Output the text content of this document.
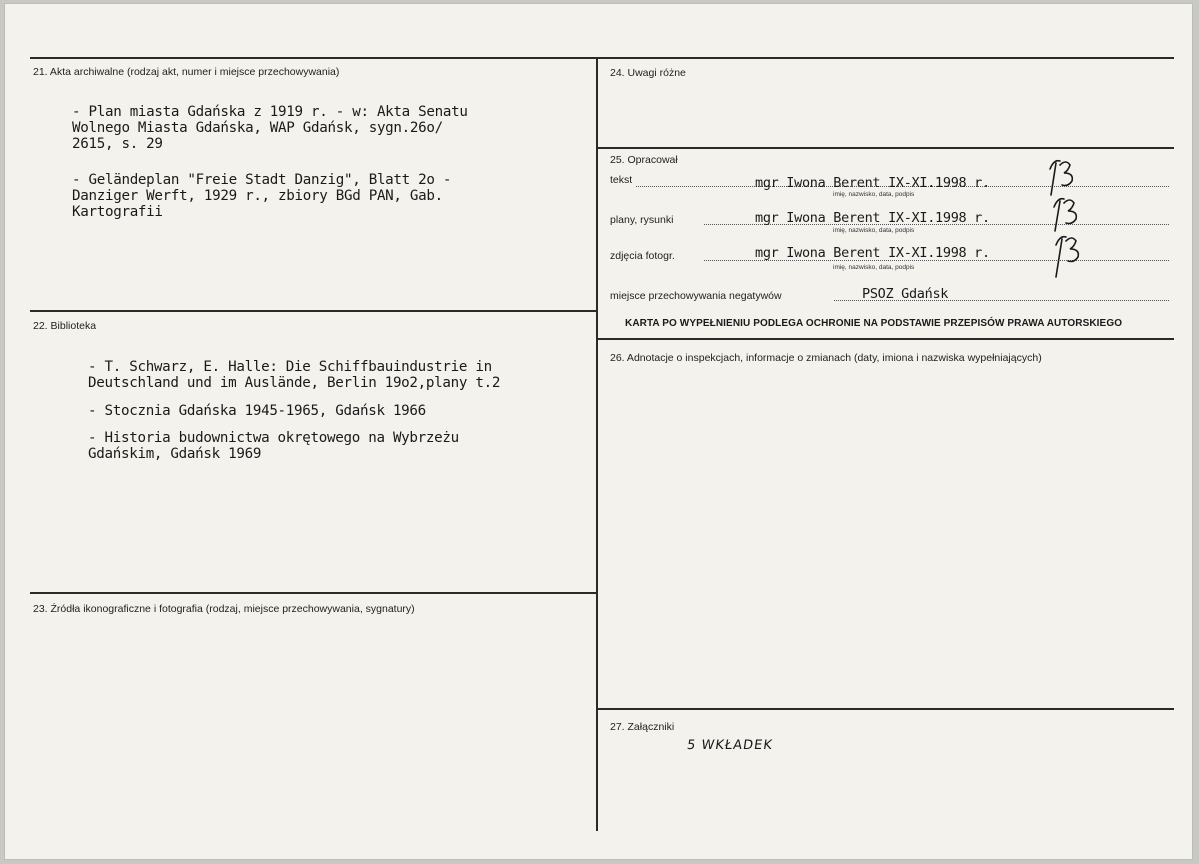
21. Akta archiwalne (rodzaj akt, numer i miejsce przechowywania)
- Plan miasta Gdańska z 1919 r. - w: Akta Senatu
Wolnego Miasta Gdańska, WAP Gdańsk, sygn.26o/
2615, s. 29
- Geländeplan "Freie Stadt Danzig", Blatt 2o -
Danziger Werft, 1929 r., zbiory BGd PAN, Gab.
Kartografii
22. Biblioteka
- T. Schwarz, E. Halle: Die Schiffbauindustrie in
Deutschland und im Auslände, Berlin 19o2,plany t.2
- Stocznia Gdańska 1945-1965, Gdańsk 1966
- Historia budownictwa okrętowego na Wybrzeżu
Gdańskim, Gdańsk 1969
23. Źródła ikonograficzne i fotografia (rodzaj, miejsce przechowywania, sygnatury)
24. Uwagi różne
25. Opracował
tekst	mgr Iwona Berent IX-XI.1998 r.
imię, nazwisko, data, podpis
plany, rysunki	mgr Iwona Berent IX-XI.1998 r.
imię, nazwisko, data, podpis
zdjęcia fotogr.	mgr Iwona Berent IX-XI.1998 r.
imię, nazwisko, data, podpis
miejsce przechowywania negatywów	PSOZ Gdańsk
KARTA PO WYPEŁNIENIU PODLEGA OCHRONIE NA PODSTAWIE PRZEPISÓW PRAWA AUTORSKIEGO
26. Adnotacje o inspekcjach, informacje o zmianach (daty, imiona i nazwiska wypełniających)
27. Załączniki
5 WKŁADEK
